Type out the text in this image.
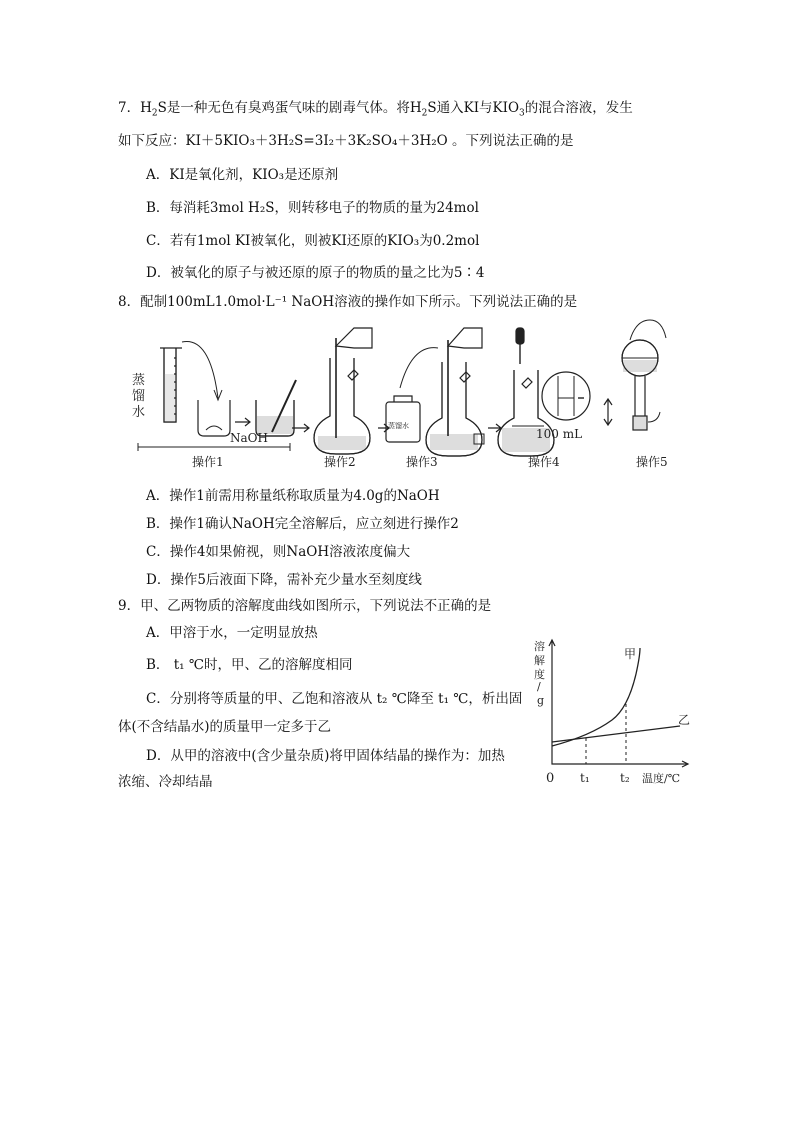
7．$H_2S$是一种无色有臭鸡蛋气味的剧毒气体。将$H_2S$通入KI与$KIO_3$的混合溶液，发生
如下反应：KI＋5KIO₃＋3H₂S=3I₂＋3K₂SO₄＋3H₂O 。下列说法正确的是
A．KI是氧化剂，KIO₃是还原剂
B．每消耗3mol H₂S，则转移电子的物质的量为24mol
C．若有1mol KI被氧化，则被KI还原的KIO₃为0.2mol
D．被氧化的原子与被还原的原子的物质的量之比为5∶4
8．配制100mL1.0mol·L⁻¹ NaOH溶液的操作如下所示。下列说法正确的是
蒸
馏
水
NaOH
蒸馏水
100 mL
操作1	操作2	操作3	操作4	操作5
A．操作1前需用称量纸称取质量为4.0g的NaOH
B．操作1确认NaOH完全溶解后，应立刻进行操作2
C．操作4如果俯视，则NaOH溶液浓度偏大
D．操作5后液面下降，需补充少量水至刻度线
9．甲、乙两物质的溶解度曲线如图所示，下列说法不正确的是
A．甲溶于水，一定明显放热
B． t₁ ℃时，甲、乙的溶解度相同
C．分别将等质量的甲、乙饱和溶液从 t₂ ℃降至 t₁ ℃，析出固
体(不含结晶水)的质量甲一定多于乙
D．从甲的溶液中(含少量杂质)将甲固体结晶的操作为：加热
浓缩、冷却结晶
溶
解
度
/
g
甲
乙
0 t₁	t₂ 温度/℃
